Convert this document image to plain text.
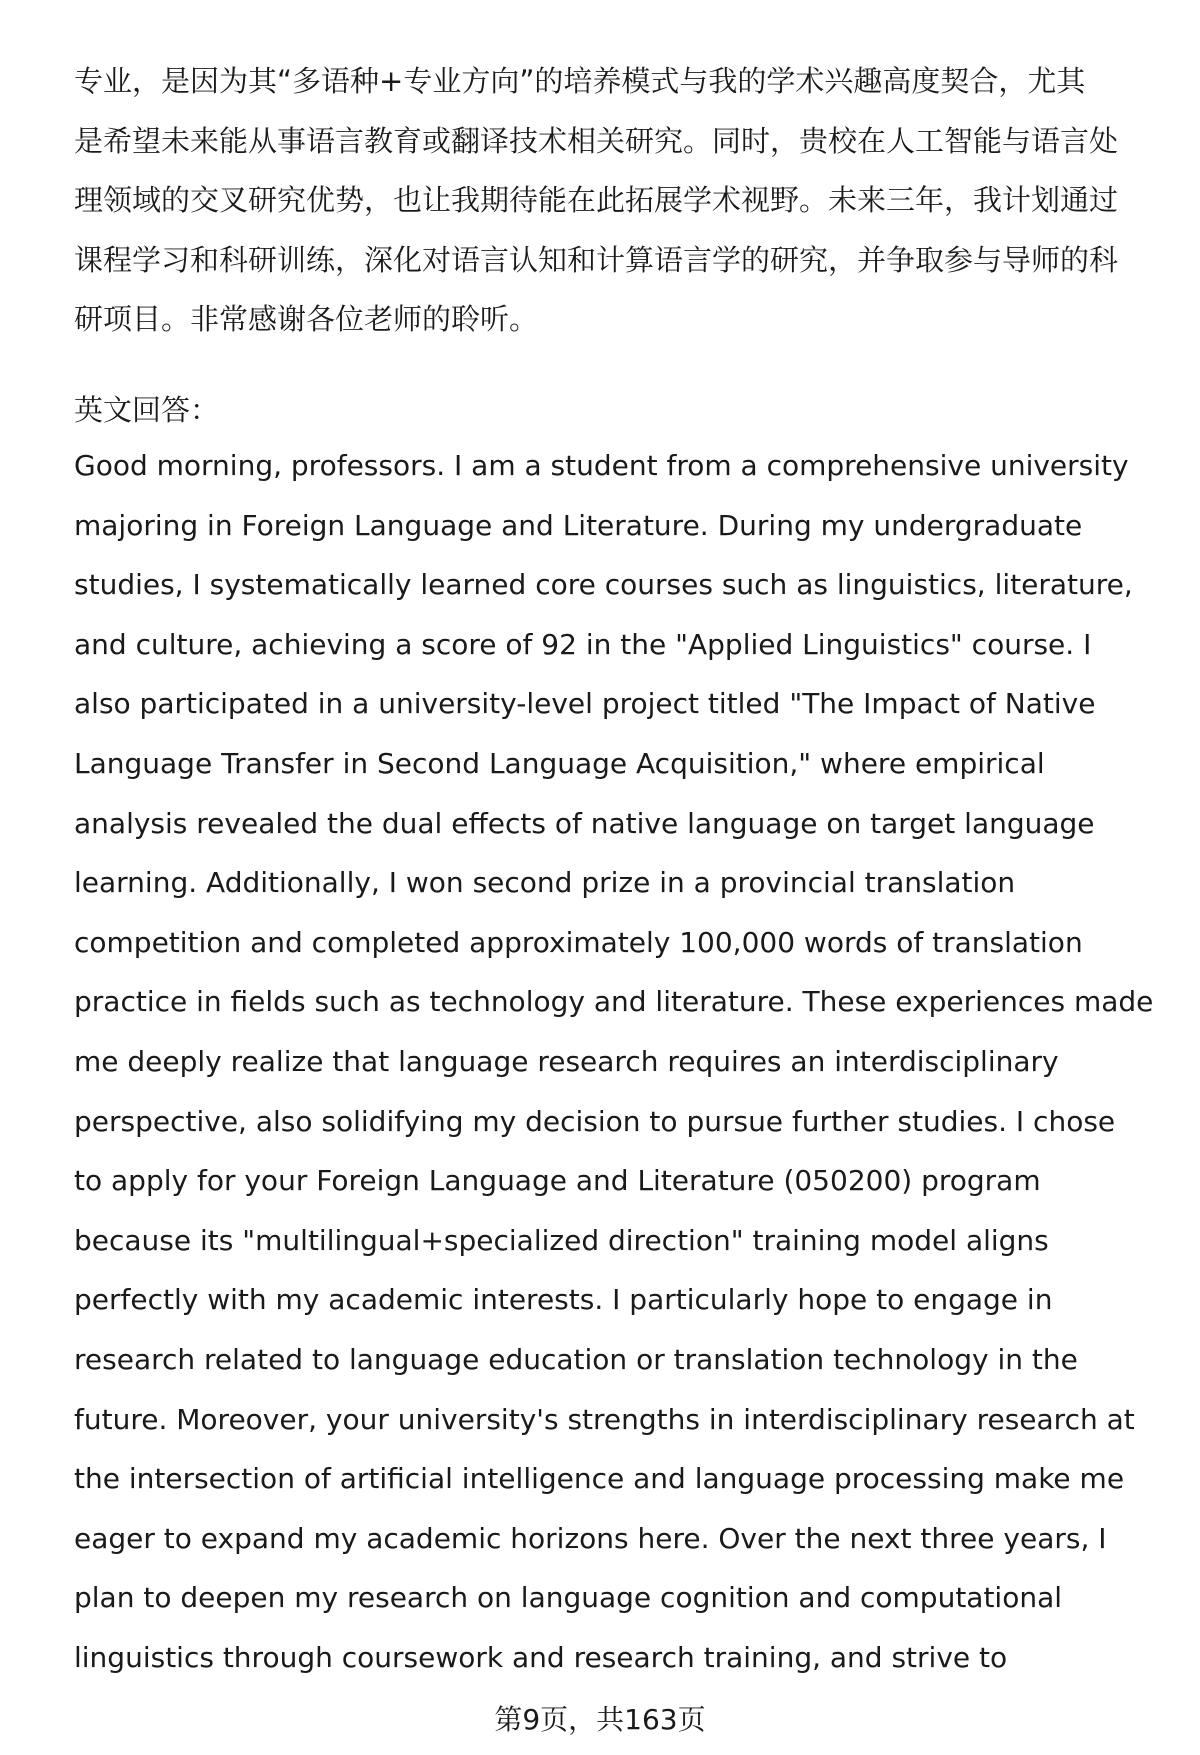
专业，是因为其“多语种+专业方向”的培养模式与我的学术兴趣高度契合，尤其
是希望未来能从事语言教育或翻译技术相关研究。同时，贵校在人工智能与语言处
理领域的交叉研究优势，也让我期待能在此拓展学术视野。未来三年，我计划通过
课程学习和科研训练，深化对语言认知和计算语言学的研究，并争取参与导师的科
研项目。非常感谢各位老师的聆听。
英文回答：
Good morning, professors. I am a student from a comprehensive university
majoring in Foreign Language and Literature. During my undergraduate
studies, I systematically learned core courses such as linguistics, literature,
and culture, achieving a score of 92 in the "Applied Linguistics" course. I
also participated in a university-level project titled "The Impact of Native
Language Transfer in Second Language Acquisition," where empirical
analysis revealed the dual effects of native language on target language
learning. Additionally, I won second prize in a provincial translation
competition and completed approximately 100,000 words of translation
practice in fields such as technology and literature. These experiences made
me deeply realize that language research requires an interdisciplinary
perspective, also solidifying my decision to pursue further studies. I chose
to apply for your Foreign Language and Literature (050200) program
because its "multilingual+specialized direction" training model aligns
perfectly with my academic interests. I particularly hope to engage in
research related to language education or translation technology in the
future. Moreover, your university's strengths in interdisciplinary research at
the intersection of artificial intelligence and language processing make me
eager to expand my academic horizons here. Over the next three years, I
plan to deepen my research on language cognition and computational
linguistics through coursework and research training, and strive to
第9页，共163页
